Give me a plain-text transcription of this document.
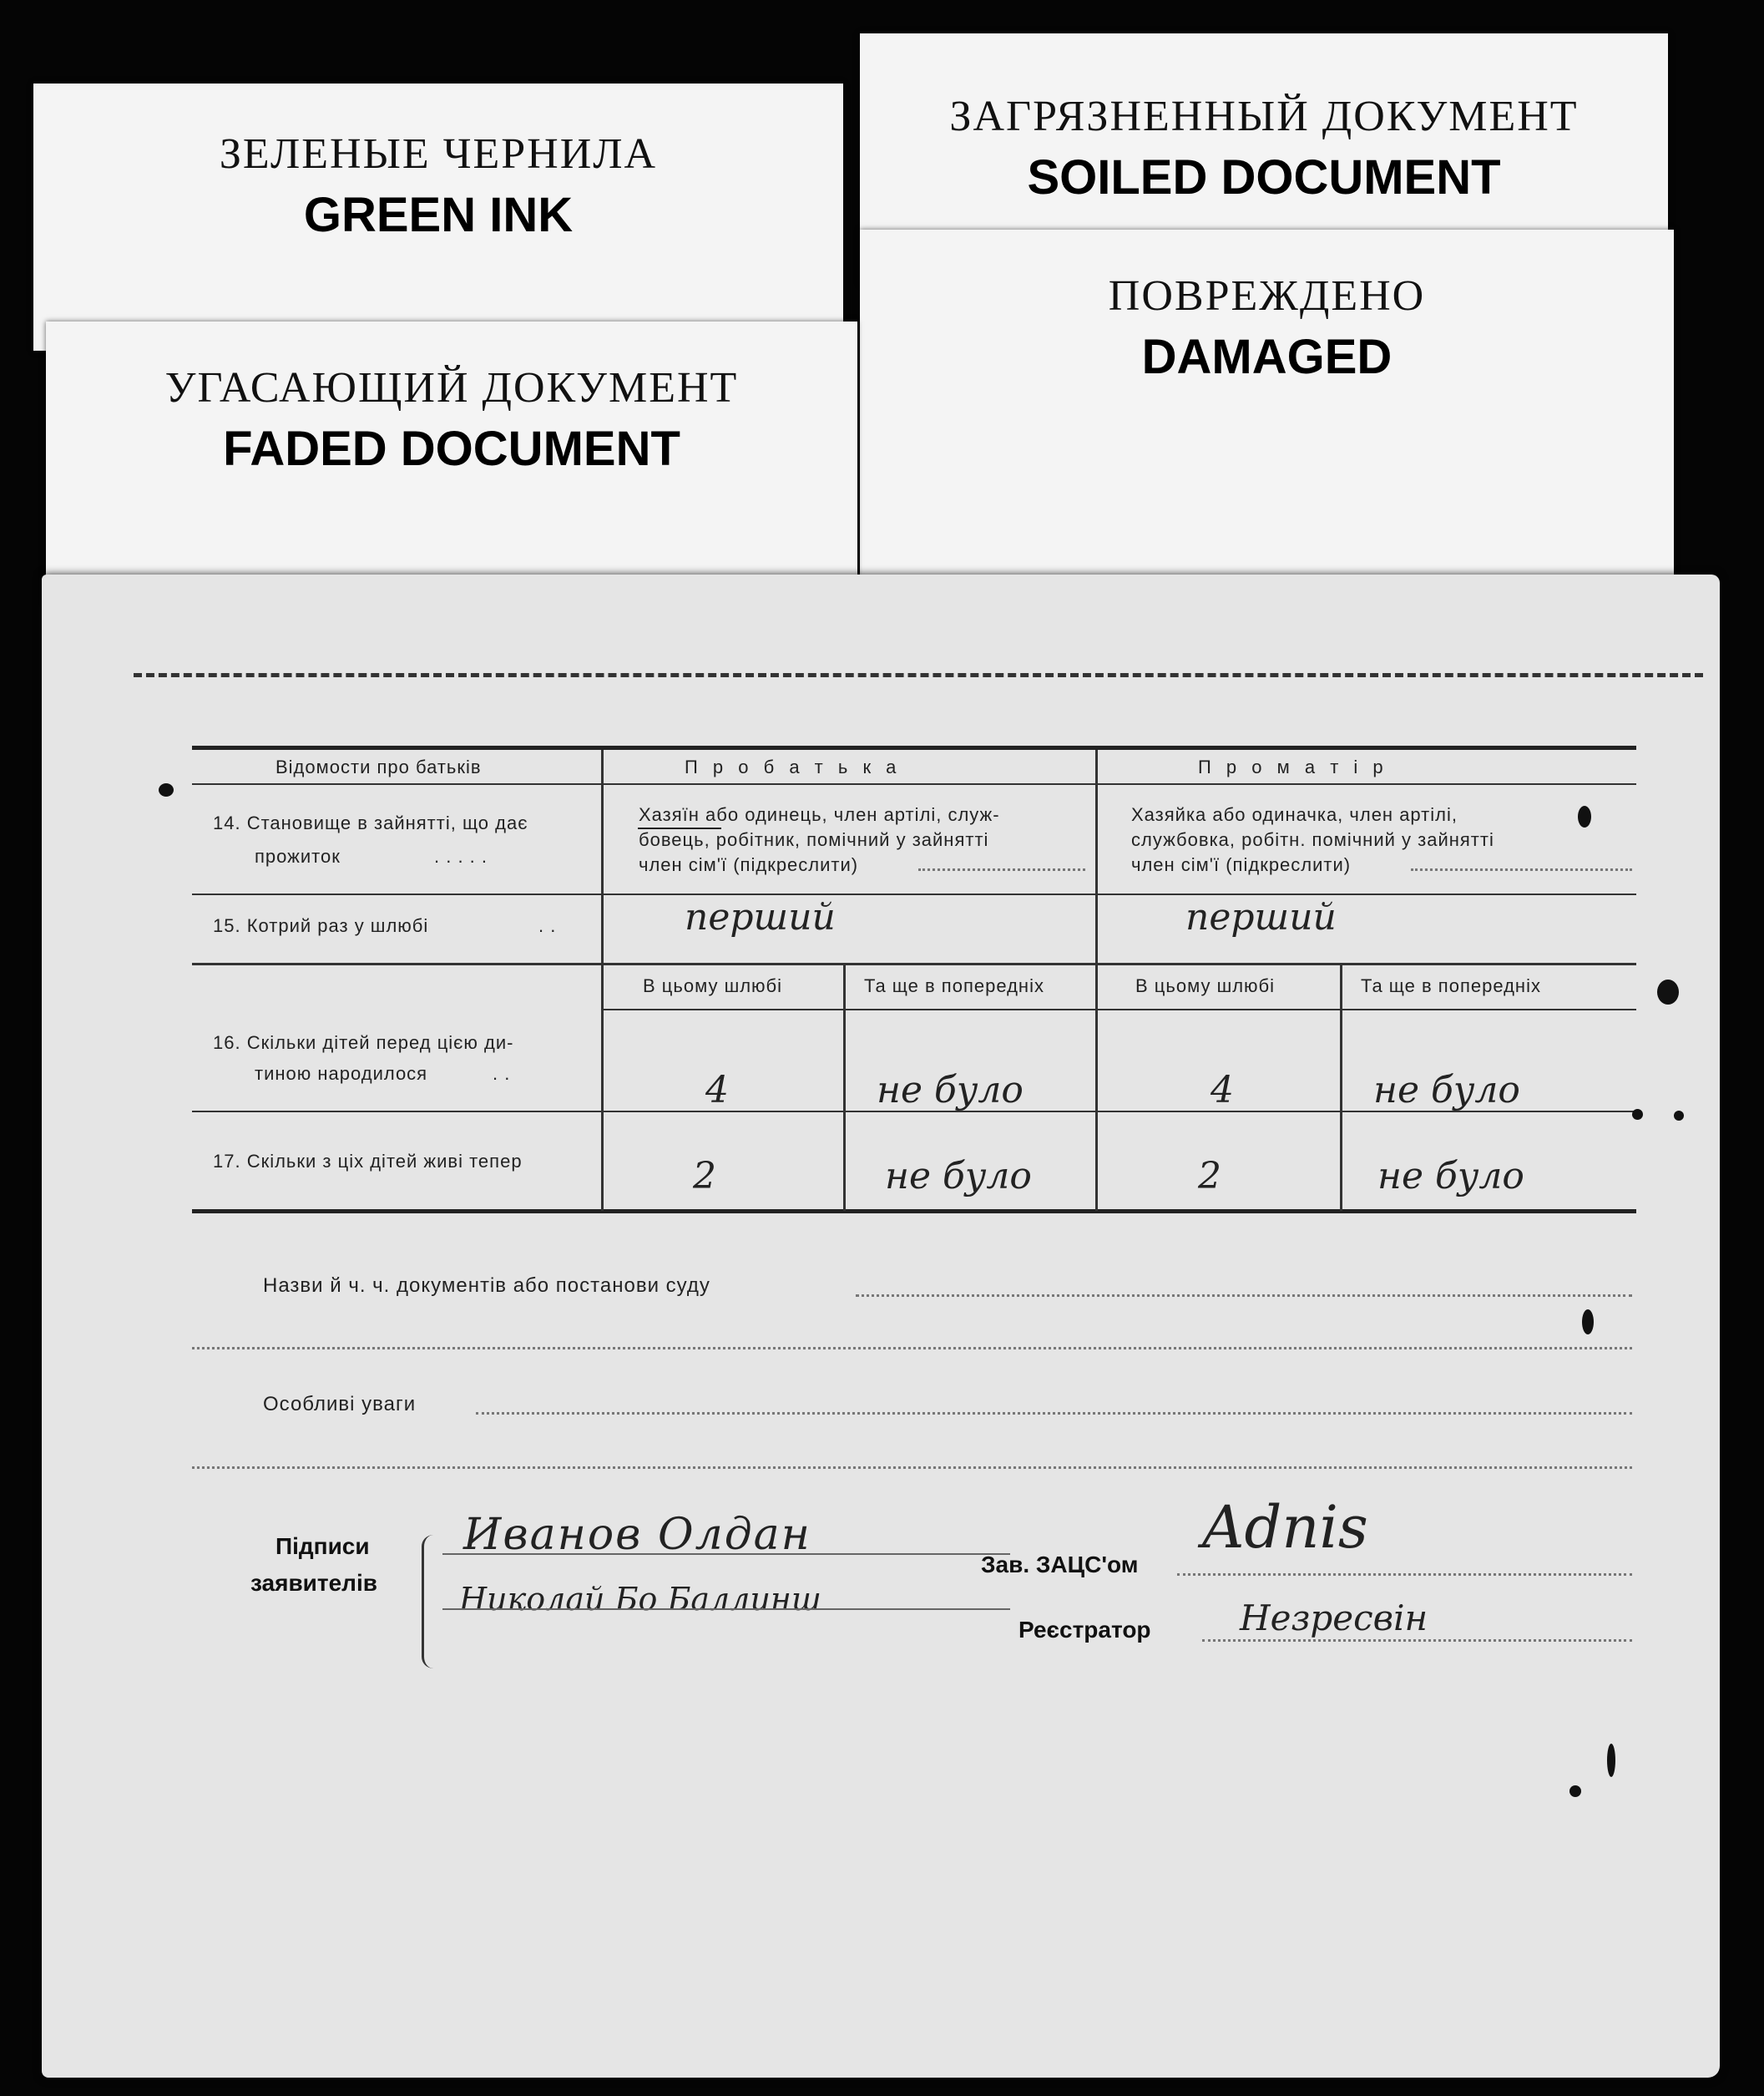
ЗЕЛЕНЫЕ ЧЕРНИЛА
GREEN INK
ЗАГРЯЗНЕННЫЙ ДОКУМЕНТ
SOILED DOCUMENT
ПОВРЕЖДЕНО
DAMAGED
УГАСАЮЩИЙ ДОКУМЕНТ
FADED DOCUMENT
Відомости про батьків	П р о б а т ь к а	П р о м а т і р
14. Становище в зайнятті, що дає
прожиток	. . . . .
Хазяїн або одинець, член артілі, служ-
бовець, робітник, помічний у зайнятті
член сім'ї (підкреслити)
Хазяйка або одиначка, член артілі,
службовка, робітн. помічний у зайнятті
член сім'ї (підкреслити)
15. Котрий раз у шлюбі	. .	перший	перший
В цьому шлюбі	Та ще в попередніх	В цьому шлюбі	Та ще в попередніх
16. Скільки дітей перед цією ди-
тиною народилося	. .	4	не було	4	не було
17. Скільки з ціх дітей живі тепер	2	не було	2	не було
Назви й ч. ч. документів або постанови суду
Особливі уваги
Підписи
заявителів
Иванов Олдан
Николай Бо Баллинш
Зав. ЗАЦС'ом
Adnis
Реєстратор	Незресвін
